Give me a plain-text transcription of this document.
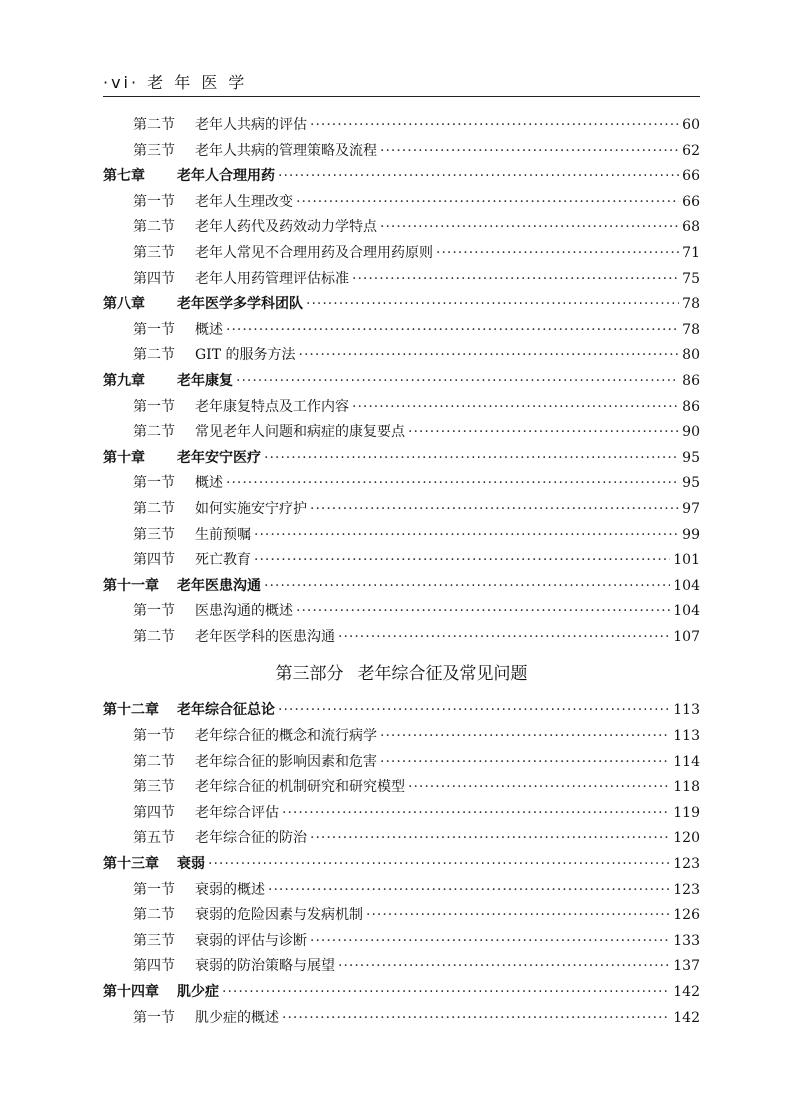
·vi· 老 年 医 学
第二节	老年人共病的评估 ·····	60
第三节	老年人共病的管理策略及流程 ·····	62
第七章	老年人合理用药 ·····	66
第一节	老年人生理改变 ·····	66
第二节	老年人药代及药效动力学特点 ·····	68
第三节	老年人常见不合理用药及合理用药原则 ·····	71
第四节	老年人用药管理评估标准 ·····	75
第八章	老年医学多学科团队 ·····	78
第一节	概述 ·····	78
第二节	GIT 的服务方法 ·····	80
第九章	老年康复 ·····	86
第一节	老年康复特点及工作内容 ·····	86
第二节	常见老年人问题和病症的康复要点 ·····	90
第十章	老年安宁医疗 ·····	95
第一节	概述 ·····	95
第二节	如何实施安宁疗护 ·····	97
第三节	生前预嘱 ·····	99
第四节	死亡教育 ·····	101
第十一章	老年医患沟通 ·····	104
第一节	医患沟通的概述 ·····	104
第二节	老年医学科的医患沟通 ·····	107
第三部分 老年综合征及常见问题
第十二章	老年综合征总论 ·····	113
第一节	老年综合征的概念和流行病学 ·····	113
第二节	老年综合征的影响因素和危害 ·····	114
第三节	老年综合征的机制研究和研究模型 ·····	118
第四节	老年综合评估 ·····	119
第五节	老年综合征的防治 ·····	120
第十三章	衰弱 ·····	123
第一节	衰弱的概述 ·····	123
第二节	衰弱的危险因素与发病机制 ·····	126
第三节	衰弱的评估与诊断 ·····	133
第四节	衰弱的防治策略与展望 ·····	137
第十四章	肌少症 ·····	142
第一节	肌少症的概述 ·····	142
